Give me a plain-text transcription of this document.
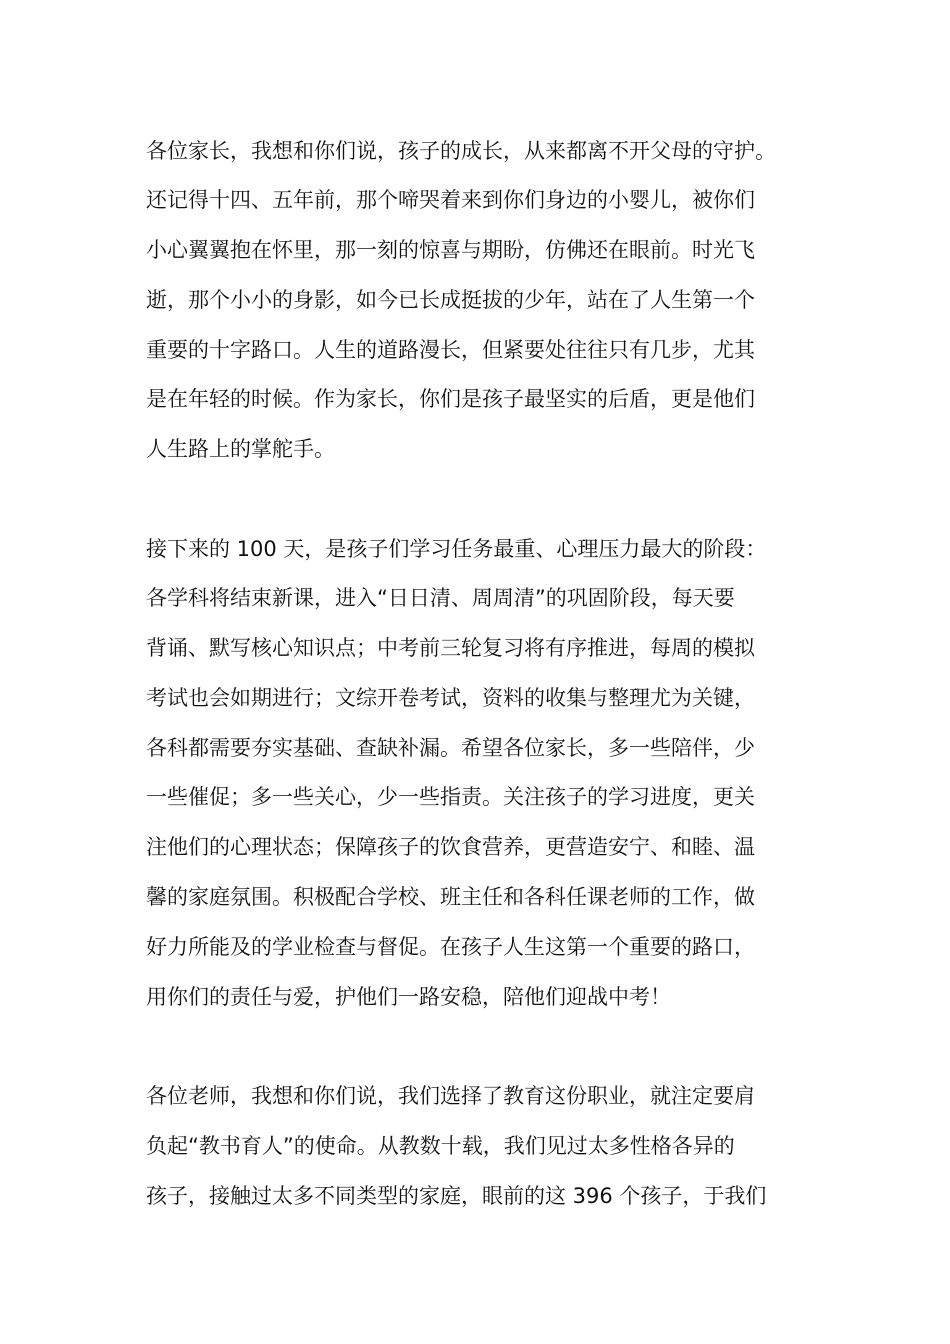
各位家长，我想和你们说，孩子的成长，从来都离不开父母的守护。
还记得十四、五年前，那个啼哭着来到你们身边的小婴儿，被你们
小心翼翼抱在怀里，那一刻的惊喜与期盼，仿佛还在眼前。时光飞
逝，那个小小的身影，如今已长成挺拔的少年，站在了人生第一个
重要的十字路口。人生的道路漫长，但紧要处往往只有几步，尤其
是在年轻的时候。作为家长，你们是孩子最坚实的后盾，更是他们
人生路上的掌舵手。
接下来的 100 天，是孩子们学习任务最重、心理压力最大的阶段：
各学科将结束新课，进入“日日清、周周清”的巩固阶段，每天要
背诵、默写核心知识点；中考前三轮复习将有序推进，每周的模拟
考试也会如期进行；文综开卷考试，资料的收集与整理尤为关键，
各科都需要夯实基础、查缺补漏。希望各位家长，多一些陪伴，少
一些催促；多一些关心，少一些指责。关注孩子的学习进度，更关
注他们的心理状态；保障孩子的饮食营养，更营造安宁、和睦、温
馨的家庭氛围。积极配合学校、班主任和各科任课老师的工作，做
好力所能及的学业检查与督促。在孩子人生这第一个重要的路口，
用你们的责任与爱，护他们一路安稳，陪他们迎战中考！
各位老师，我想和你们说，我们选择了教育这份职业，就注定要肩
负起“教书育人”的使命。从教数十载，我们见过太多性格各异的
孩子，接触过太多不同类型的家庭，眼前的这 396 个孩子，于我们
